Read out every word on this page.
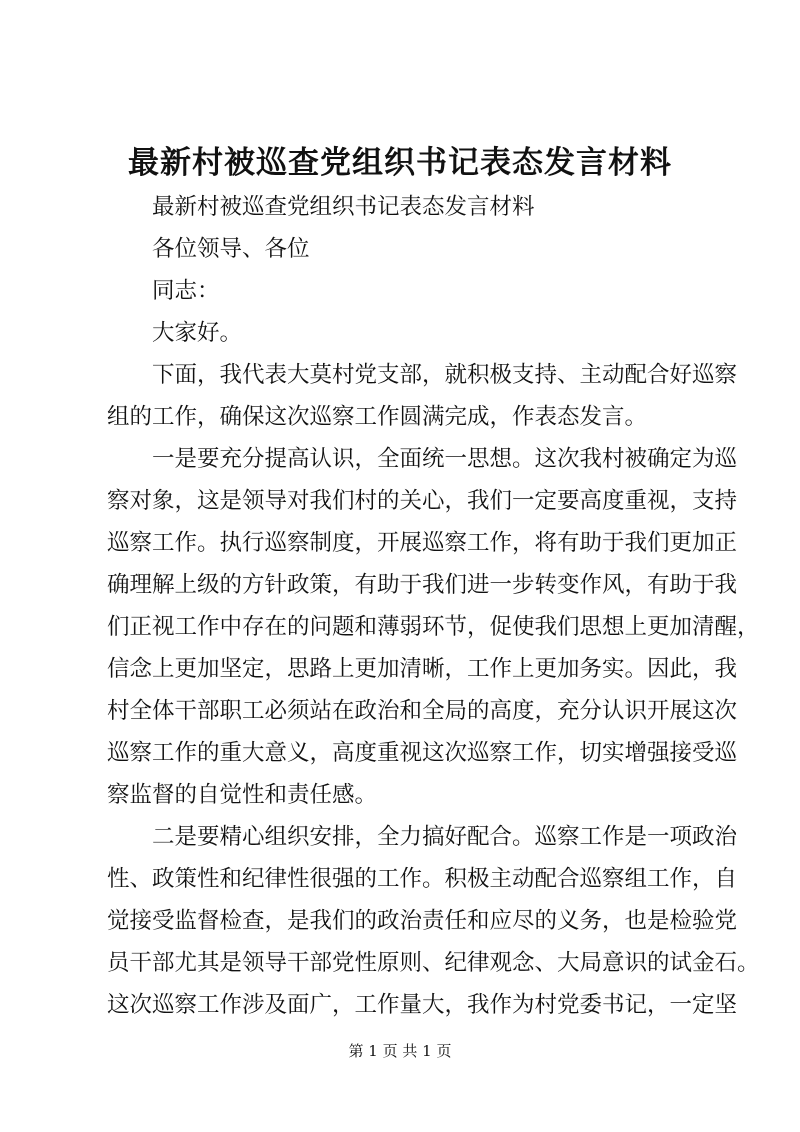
最新村被巡查党组织书记表态发言材料

最新村被巡查党组织书记表态发言材料

各位领导、各位

同志：

大家好。

下面，我代表大莫村党支部，就积极支持、主动配合好巡察

组的工作，确保这次巡察工作圆满完成，作表态发言。

一是要充分提高认识，全面统一思想。这次我村被确定为巡

察对象，这是领导对我们村的关心，我们一定要高度重视，支持

巡察工作。执行巡察制度，开展巡察工作，将有助于我们更加正

确理解上级的方针政策，有助于我们进一步转变作风，有助于我

们正视工作中存在的问题和薄弱环节，促使我们思想上更加清醒，

信念上更加坚定，思路上更加清晰，工作上更加务实。因此，我

村全体干部职工必须站在政治和全局的高度，充分认识开展这次

巡察工作的重大意义，高度重视这次巡察工作，切实增强接受巡

察监督的自觉性和责任感。

二是要精心组织安排，全力搞好配合。巡察工作是一项政治

性、政策性和纪律性很强的工作。积极主动配合巡察组工作，自

觉接受监督检查，是我们的政治责任和应尽的义务，也是检验党

员干部尤其是领导干部党性原则、纪律观念、大局意识的试金石。

这次巡察工作涉及面广，工作量大，我作为村党委书记，一定坚

第 1 页 共 1 页
